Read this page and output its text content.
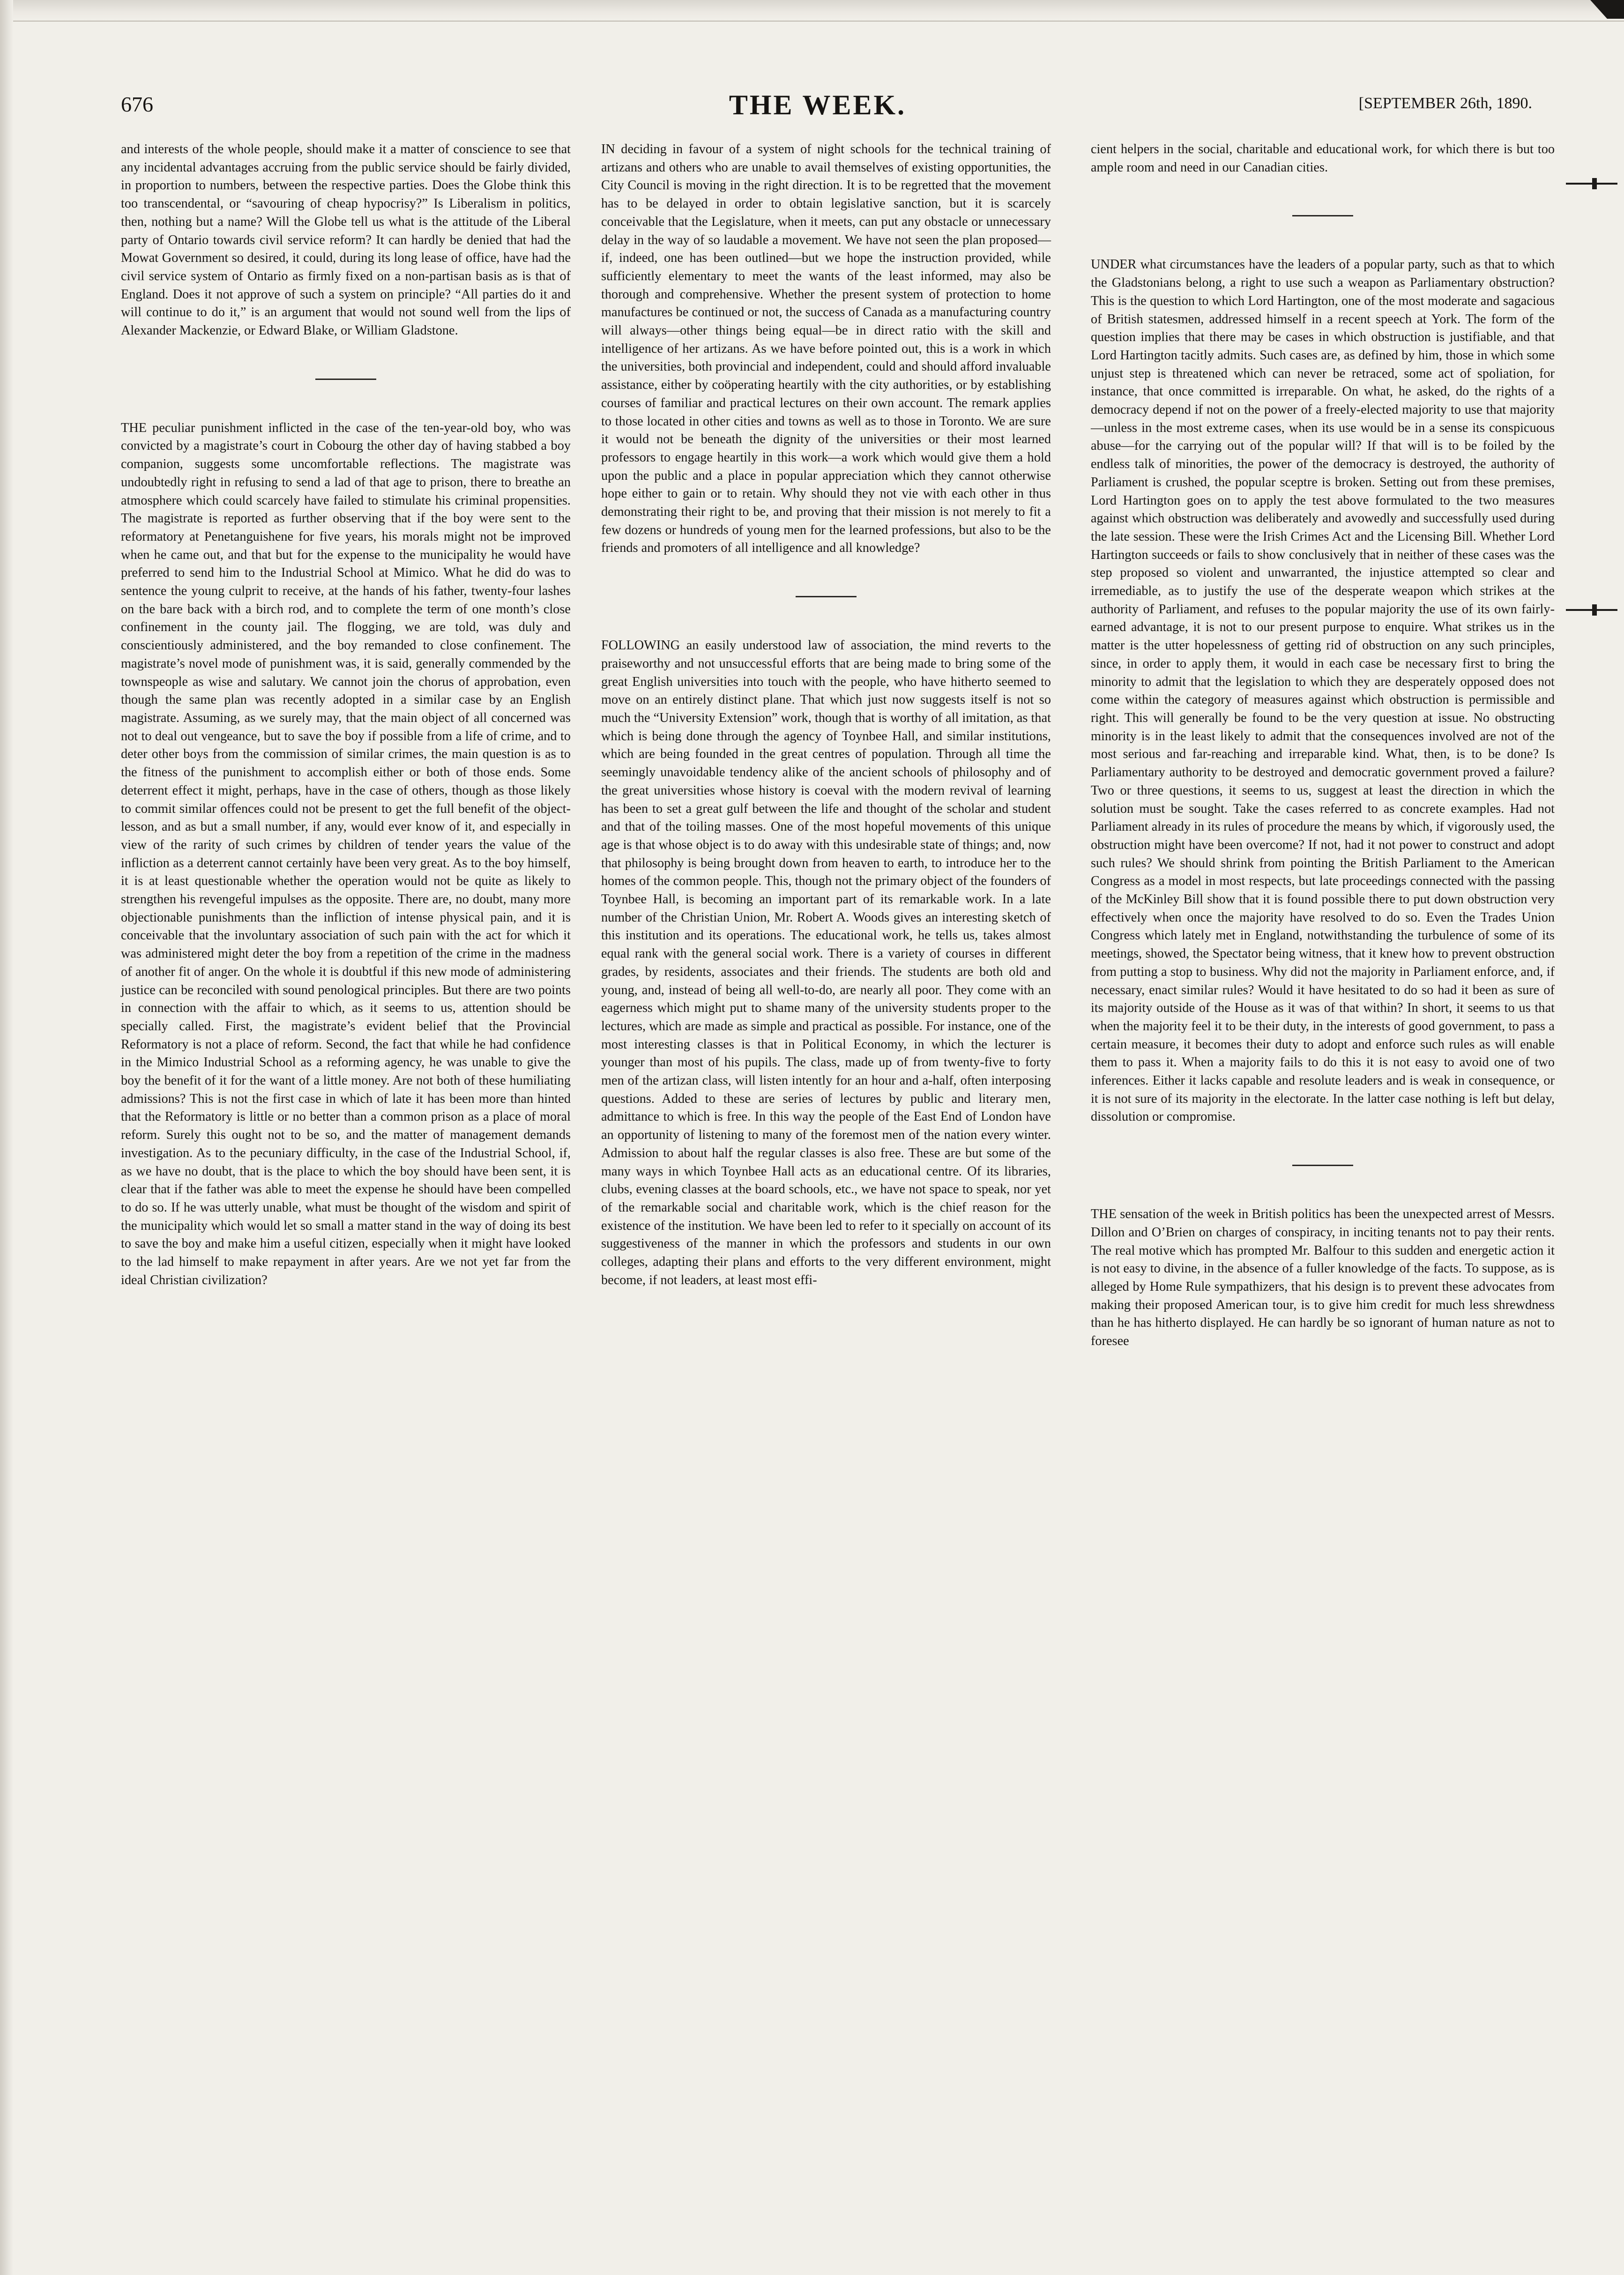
676	THE WEEK.	[SEPTEMBER 26th, 1890.

and interests of the whole people, should make it a matter of conscience to see that any incidental advantages accruing from the public service should be fairly divided, in proportion to numbers, between the respective parties. Does the Globe think this too transcendental, or “savouring of cheap hypocrisy?” Is Liberalism in politics, then, nothing but a name? Will the Globe tell us what is the attitude of the Liberal party of Ontario towards civil service reform? It can hardly be denied that had the Mowat Government so desired, it could, during its long lease of office, have had the civil service system of Ontario as firmly fixed on a non-partisan basis as is that of England. Does it not approve of such a system on principle? “All parties do it and will continue to do it,” is an argument that would not sound well from the lips of Alexander Mackenzie, or Edward Blake, or William Gladstone.

THE peculiar punishment inflicted in the case of the ten-year-old boy, who was convicted by a magistrate’s court in Cobourg the other day of having stabbed a boy companion, suggests some uncomfortable reflections. The magistrate was undoubtedly right in refusing to send a lad of that age to prison, there to breathe an atmosphere which could scarcely have failed to stimulate his criminal propensities. The magistrate is reported as further observing that if the boy were sent to the reformatory at Penetanguishene for five years, his morals might not be improved when he came out, and that but for the expense to the municipality he would have preferred to send him to the Industrial School at Mimico. What he did do was to sentence the young culprit to receive, at the hands of his father, twenty-four lashes on the bare back with a birch rod, and to complete the term of one month’s close confinement in the county jail. The flogging, we are told, was duly and conscientiously administered, and the boy remanded to close confinement. The magistrate’s novel mode of punishment was, it is said, generally commended by the townspeople as wise and salutary. We cannot join the chorus of approbation, even though the same plan was recently adopted in a similar case by an English magistrate. Assuming, as we surely may, that the main object of all concerned was not to deal out vengeance, but to save the boy if possible from a life of crime, and to deter other boys from the commission of similar crimes, the main question is as to the fitness of the punishment to accomplish either or both of those ends. Some deterrent effect it might, perhaps, have in the case of others, though as those likely to commit similar offences could not be present to get the full benefit of the object-lesson, and as but a small number, if any, would ever know of it, and especially in view of the rarity of such crimes by children of tender years the value of the infliction as a deterrent cannot certainly have been very great. As to the boy himself, it is at least questionable whether the operation would not be quite as likely to strengthen his revengeful impulses as the opposite. There are, no doubt, many more objectionable punishments than the infliction of intense physical pain, and it is conceivable that the involuntary association of such pain with the act for which it was administered might deter the boy from a repetition of the crime in the madness of another fit of anger. On the whole it is doubtful if this new mode of administering justice can be reconciled with sound penological principles. But there are two points in connection with the affair to which, as it seems to us, attention should be specially called. First, the magistrate’s evident belief that the Provincial Reformatory is not a place of reform. Second, the fact that while he had confidence in the Mimico Industrial School as a reforming agency, he was unable to give the boy the benefit of it for the want of a little money. Are not both of these humiliating admissions? This is not the first case in which of late it has been more than hinted that the Reformatory is little or no better than a common prison as a place of moral reform. Surely this ought not to be so, and the matter of management demands investigation. As to the pecuniary difficulty, in the case of the Industrial School, if, as we have no doubt, that is the place to which the boy should have been sent, it is clear that if the father was able to meet the expense he should have been compelled to do so. If he was utterly unable, what must be thought of the wisdom and spirit of the municipality which would let so small a matter stand in the way of doing its best to save the boy and make him a useful citizen, especially when it might have looked to the lad himself to make repayment in after years. Are we not yet far from the ideal Christian civilization?

IN deciding in favour of a system of night schools for the technical training of artizans and others who are unable to avail themselves of existing opportunities, the City Council is moving in the right direction. It is to be regretted that the movement has to be delayed in order to obtain legislative sanction, but it is scarcely conceivable that the Legislature, when it meets, can put any obstacle or unnecessary delay in the way of so laudable a movement. We have not seen the plan proposed—if, indeed, one has been outlined—but we hope the instruction provided, while sufficiently elementary to meet the wants of the least informed, may also be thorough and comprehensive. Whether the present system of protection to home manufactures be continued or not, the success of Canada as a manufacturing country will always—other things being equal—be in direct ratio with the skill and intelligence of her artizans. As we have before pointed out, this is a work in which the universities, both provincial and independent, could and should afford invaluable assistance, either by coöperating heartily with the city authorities, or by establishing courses of familiar and practical lectures on their own account. The remark applies to those located in other cities and towns as well as to those in Toronto. We are sure it would not be beneath the dignity of the universities or their most learned professors to engage heartily in this work—a work which would give them a hold upon the public and a place in popular appreciation which they cannot otherwise hope either to gain or to retain. Why should they not vie with each other in thus demonstrating their right to be, and proving that their mission is not merely to fit a few dozens or hundreds of young men for the learned professions, but also to be the friends and promoters of all intelligence and all knowledge?

FOLLOWING an easily understood law of association, the mind reverts to the praiseworthy and not unsuccessful efforts that are being made to bring some of the great English universities into touch with the people, who have hitherto seemed to move on an entirely distinct plane. That which just now suggests itself is not so much the “University Extension” work, though that is worthy of all imitation, as that which is being done through the agency of Toynbee Hall, and similar institutions, which are being founded in the great centres of population. Through all time the seemingly unavoidable tendency alike of the ancient schools of philosophy and of the great universities whose history is coeval with the modern revival of learning has been to set a great gulf between the life and thought of the scholar and student and that of the toiling masses. One of the most hopeful movements of this unique age is that whose object is to do away with this undesirable state of things; and, now that philosophy is being brought down from heaven to earth, to introduce her to the homes of the common people. This, though not the primary object of the founders of Toynbee Hall, is becoming an important part of its remarkable work. In a late number of the Christian Union, Mr. Robert A. Woods gives an interesting sketch of this institution and its operations. The educational work, he tells us, takes almost equal rank with the general social work. There is a variety of courses in different grades, by residents, associates and their friends. The students are both old and young, and, instead of being all well-to-do, are nearly all poor. They come with an eagerness which might put to shame many of the university students proper to the lectures, which are made as simple and practical as possible. For instance, one of the most interesting classes is that in Political Economy, in which the lecturer is younger than most of his pupils. The class, made up of from twenty-five to forty men of the artizan class, will listen intently for an hour and a-half, often interposing questions. Added to these are series of lectures by public and literary men, admittance to which is free. In this way the people of the East End of London have an opportunity of listening to many of the foremost men of the nation every winter. Admission to about half the regular classes is also free. These are but some of the many ways in which Toynbee Hall acts as an educational centre. Of its libraries, clubs, evening classes at the board schools, etc., we have not space to speak, nor yet of the remarkable social and charitable work, which is the chief reason for the existence of the institution. We have been led to refer to it specially on account of its suggestiveness of the manner in which the professors and students in our own colleges, adapting their plans and efforts to the very different environment, might become, if not leaders, at least most effi-

cient helpers in the social, charitable and educational work, for which there is but too ample room and need in our Canadian cities.

UNDER what circumstances have the leaders of a popular party, such as that to which the Gladstonians belong, a right to use such a weapon as Parliamentary obstruction? This is the question to which Lord Hartington, one of the most moderate and sagacious of British statesmen, addressed himself in a recent speech at York. The form of the question implies that there may be cases in which obstruction is justifiable, and that Lord Hartington tacitly admits. Such cases are, as defined by him, those in which some unjust step is threatened which can never be retraced, some act of spoliation, for instance, that once committed is irreparable. On what, he asked, do the rights of a democracy depend if not on the power of a freely-elected majority to use that majority—unless in the most extreme cases, when its use would be in a sense its conspicuous abuse—for the carrying out of the popular will? If that will is to be foiled by the endless talk of minorities, the power of the democracy is destroyed, the authority of Parliament is crushed, the popular sceptre is broken. Setting out from these premises, Lord Hartington goes on to apply the test above formulated to the two measures against which obstruction was deliberately and avowedly and successfully used during the late session. These were the Irish Crimes Act and the Licensing Bill. Whether Lord Hartington succeeds or fails to show conclusively that in neither of these cases was the step proposed so violent and unwarranted, the injustice attempted so clear and irremediable, as to justify the use of the desperate weapon which strikes at the authority of Parliament, and refuses to the popular majority the use of its own fairly-earned advantage, it is not to our present purpose to enquire. What strikes us in the matter is the utter hopelessness of getting rid of obstruction on any such principles, since, in order to apply them, it would in each case be necessary first to bring the minority to admit that the legislation to which they are desperately opposed does not come within the category of measures against which obstruction is permissible and right. This will generally be found to be the very question at issue. No obstructing minority is in the least likely to admit that the consequences involved are not of the most serious and far-reaching and irreparable kind. What, then, is to be done? Is Parliamentary authority to be destroyed and democratic government proved a failure? Two or three questions, it seems to us, suggest at least the direction in which the solution must be sought. Take the cases referred to as concrete examples. Had not Parliament already in its rules of procedure the means by which, if vigorously used, the obstruction might have been overcome? If not, had it not power to construct and adopt such rules? We should shrink from pointing the British Parliament to the American Congress as a model in most respects, but late proceedings connected with the passing of the McKinley Bill show that it is found possible there to put down obstruction very effectively when once the majority have resolved to do so. Even the Trades Union Congress which lately met in England, notwithstanding the turbulence of some of its meetings, showed, the Spectator being witness, that it knew how to prevent obstruction from putting a stop to business. Why did not the majority in Parliament enforce, and, if necessary, enact similar rules? Would it have hesitated to do so had it been as sure of its majority outside of the House as it was of that within? In short, it seems to us that when the majority feel it to be their duty, in the interests of good government, to pass a certain measure, it becomes their duty to adopt and enforce such rules as will enable them to pass it. When a majority fails to do this it is not easy to avoid one of two inferences. Either it lacks capable and resolute leaders and is weak in consequence, or it is not sure of its majority in the electorate. In the latter case nothing is left but delay, dissolution or compromise.

THE sensation of the week in British politics has been the unexpected arrest of Messrs. Dillon and O’Brien on charges of conspiracy, in inciting tenants not to pay their rents. The real motive which has prompted Mr. Balfour to this sudden and energetic action it is not easy to divine, in the absence of a fuller knowledge of the facts. To suppose, as is alleged by Home Rule sympathizers, that his design is to prevent these advocates from making their proposed American tour, is to give him credit for much less shrewdness than he has hitherto displayed. He can hardly be so ignorant of human nature as not to foresee
